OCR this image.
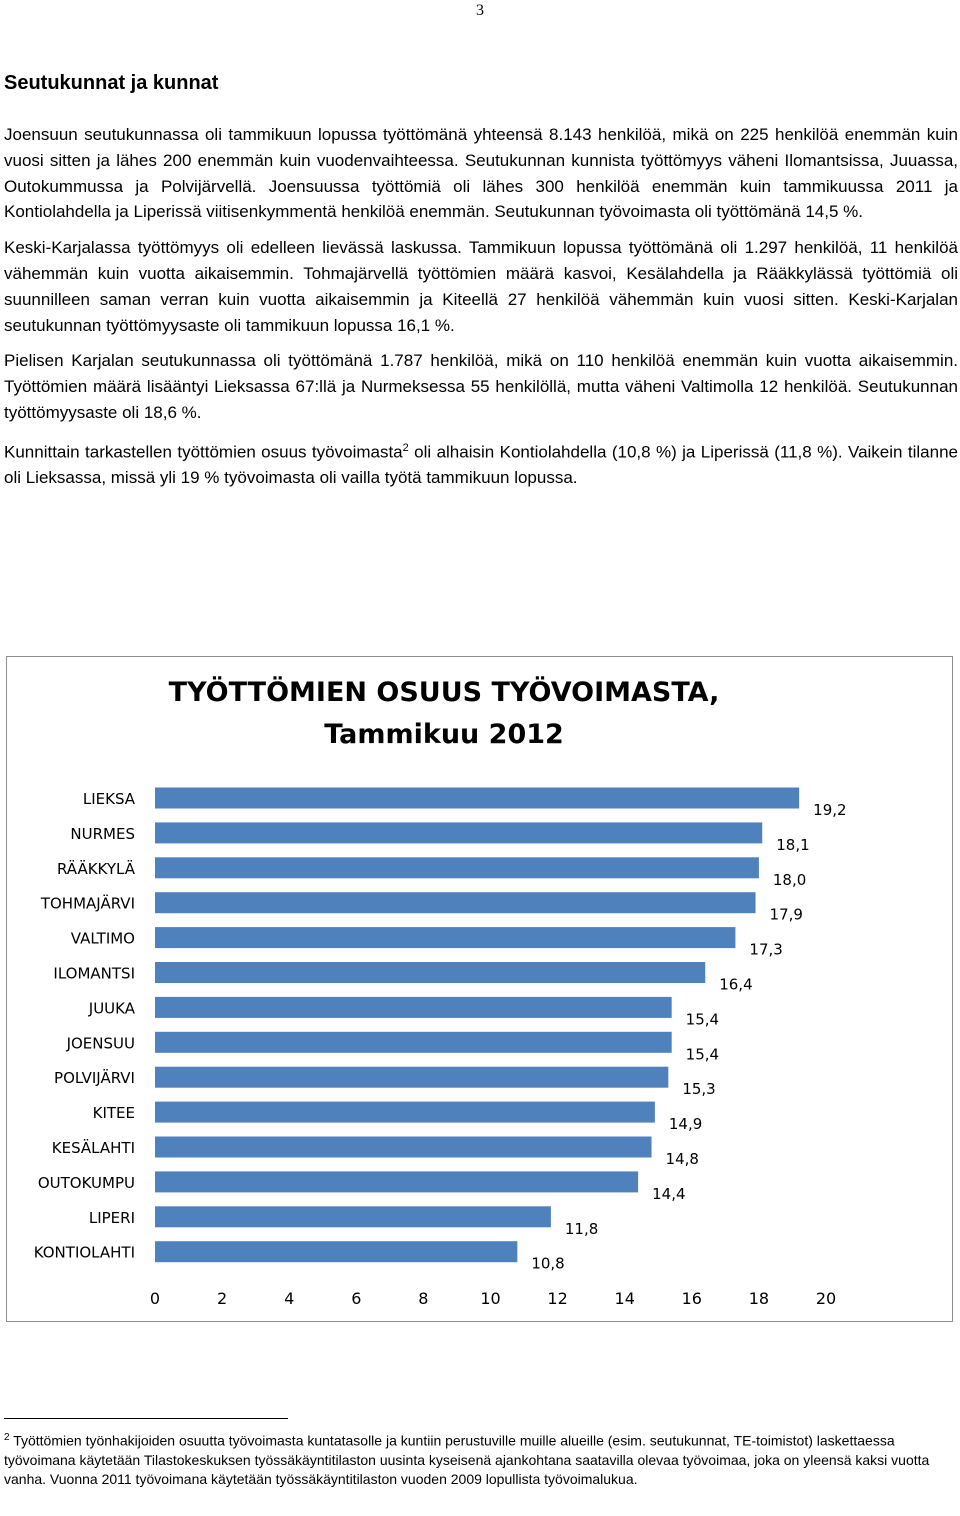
3
Seutukunnat ja kunnat

Joensuun seutukunnassa oli tammikuun lopussa työttömänä yhteensä 8.143 henkilöä, mikä on 225 henkilöä enemmän kuin vuosi sitten ja lähes 200 enemmän kuin vuodenvaihteessa. Seutukunnan kunnista työttömyys väheni Ilomantsissa, Juuassa, Outokummussa ja Polvijärvellä. Joensuussa työttömiä oli lähes 300 henkilöä enemmän kuin tammikuussa 2011 ja Kontiolahdella ja Liperissä viitisenkymmentä henkilöä enemmän. Seutukunnan työvoimasta oli työttömänä 14,5 %.

Keski-Karjalassa työttömyys oli edelleen lievässä laskussa. Tammikuun lopussa työttömänä oli 1.297 henkilöä, 11 henkilöä vähemmän kuin vuotta aikaisemmin. Tohmajärvellä työttömien määrä kasvoi, Kesälahdella ja Rääkkylässä työttömiä oli suunnilleen saman verran kuin vuotta aikaisemmin ja Kiteellä 27 henkilöä vähemmän kuin vuosi sitten. Keski-Karjalan seutukunnan työttömyysaste oli tammikuun lopussa 16,1 %.

Pielisen Karjalan seutukunnassa oli työttömänä 1.787 henkilöä, mikä on 110 henkilöä enemmän kuin vuotta aikaisemmin. Työttömien määrä lisääntyi Lieksassa 67:llä ja Nurmeksessa 55 henkilöllä, mutta väheni Valtimolla 12 henkilöä. Seutukunnan työttömyysaste oli 18,6 %.

Kunnittain tarkastellen työttömien osuus työvoimasta$^2$ oli alhaisin Kontiolahdella (10,8 %) ja Liperissä (11,8 %). Vaikein tilanne oli Lieksassa, missä yli 19 % työvoimasta oli vailla työtä tammikuun lopussa.

TYÖTTÖMIEN OSUUS TYÖVOIMASTA,
Tammikuu 2012
LIEKSA
19,2
NURMES
18,1
RÄÄKKYLÄ
18,0
TOHMAJÄRVI
17,9
VALTIMO
17,3
ILOMANTSI
16,4
JUUKA
15,4
JOENSUU
15,4
POLVIJÄRVI
15,3
KITEE
14,9
KESÄLAHTI
14,8
OUTOKUMPU
14,4
LIPERI
11,8
KONTIOLAHTI
10,8
0	2	4	6	8	10	12	14	16	18	20
$^2$ Työttömien työnhakijoiden osuutta työvoimasta kuntatasolle ja kuntiin perustuville muille alueille (esim. seutukunnat, TE-toimistot) laskettaessa työvoimana käytetään Tilastokeskuksen työssäkäyntitilaston uusinta kyseisenä ajankohtana saatavilla olevaa työvoimaa, joka on yleensä kaksi vuotta vanha. Vuonna 2011 työvoimana käytetään työssäkäyntitilaston vuoden 2009 lopullista työvoimalukua.
